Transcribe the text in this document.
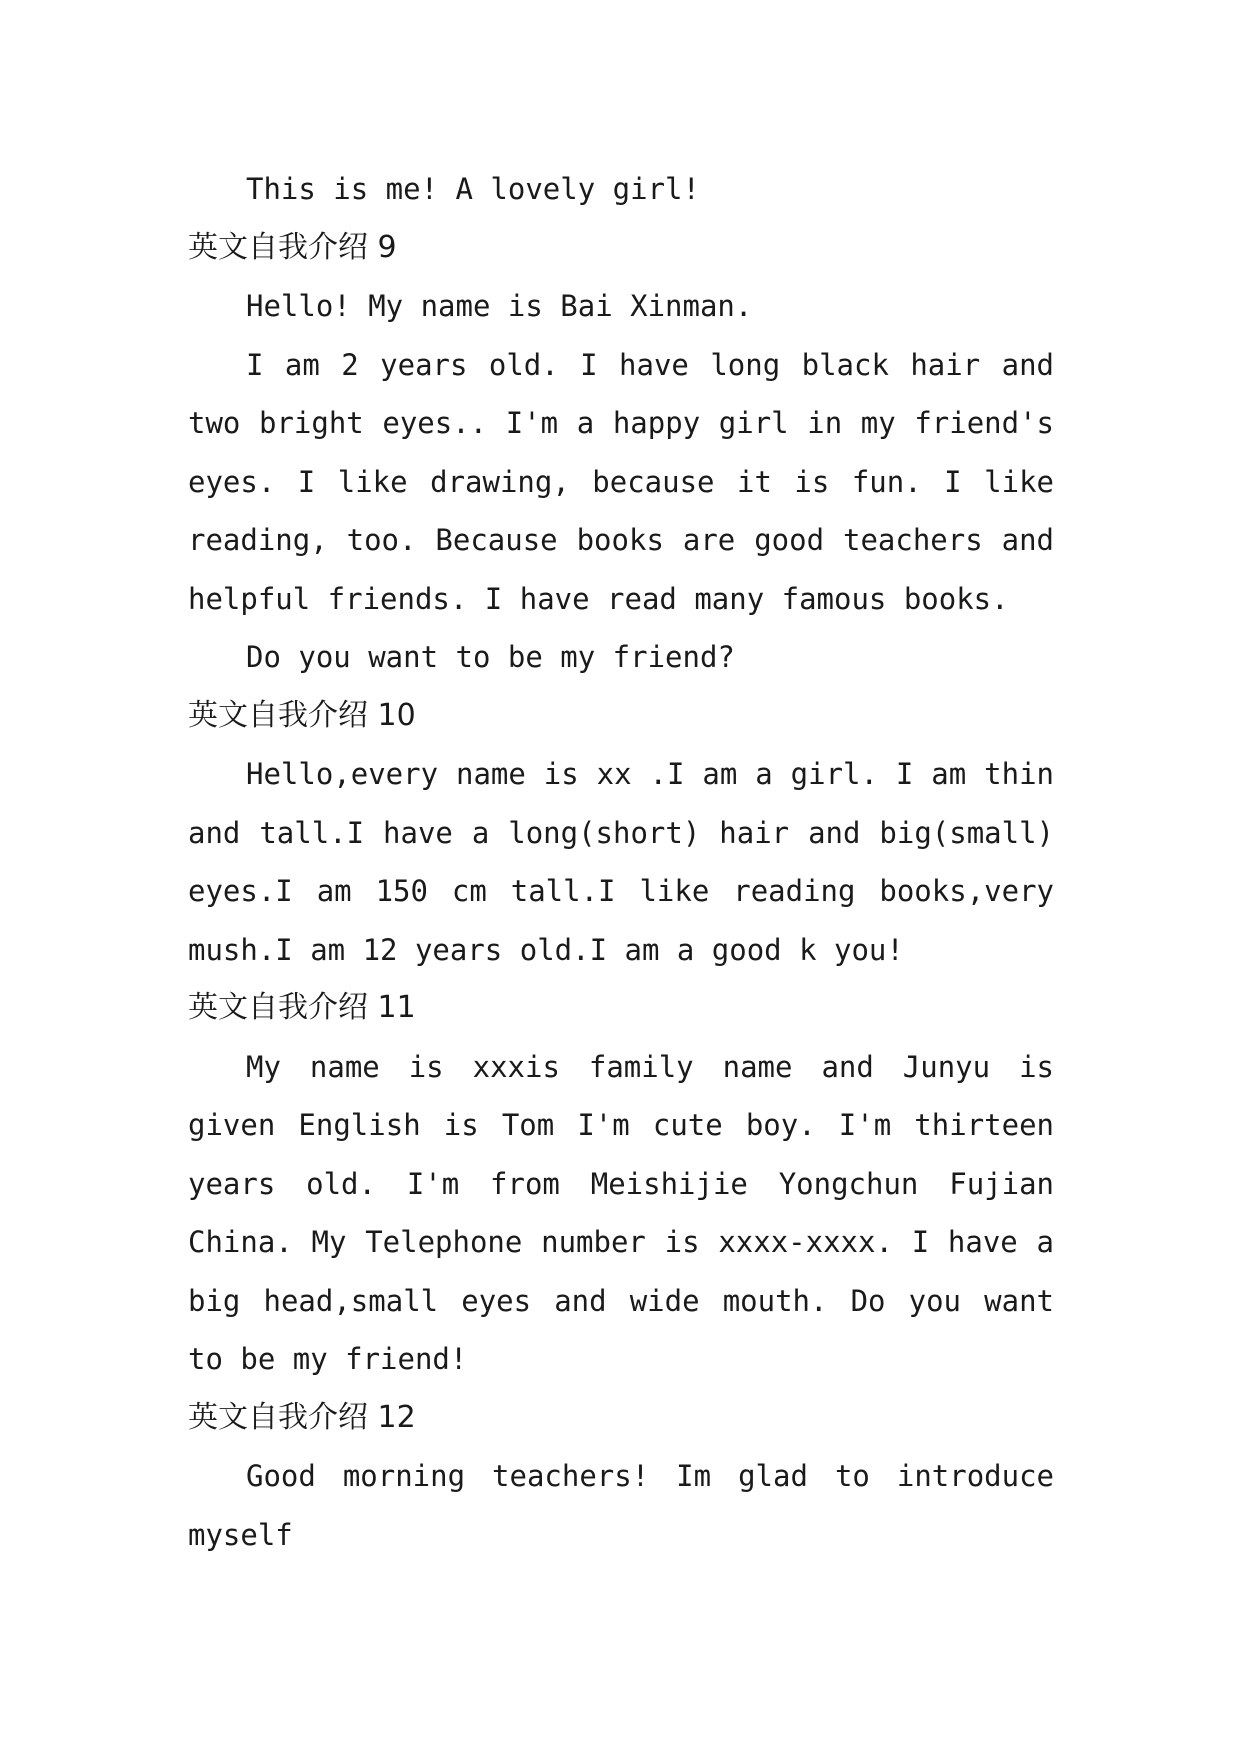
This is me! A lovely girl!

英文自我介绍 9

Hello! My name is Bai Xinman.

I am 2 years old. I have long black hair and two bright eyes.. I'm a happy girl in my friend's eyes. I like drawing, because it is fun. I like reading, too. Because books are good teachers and helpful friends. I have read many famous books.

Do you want to be my friend?

英文自我介绍 10

Hello,every name is xx .I am a girl. I am thin and tall.I have a long(short) hair and big(small) eyes.I am 150 cm tall.I like reading books,very mush.I am 12 years old.I am a good k you!

英文自我介绍 11

My name is xxxis family name and Junyu is given English is Tom I'm cute boy. I'm thirteen years old. I'm from Meishijie Yongchun Fujian China. My Telephone number is xxxx-xxxx. I have a big head,small eyes and wide mouth. Do you want to be my friend!

英文自我介绍 12

Good morning teachers! Im glad to introduce myself
